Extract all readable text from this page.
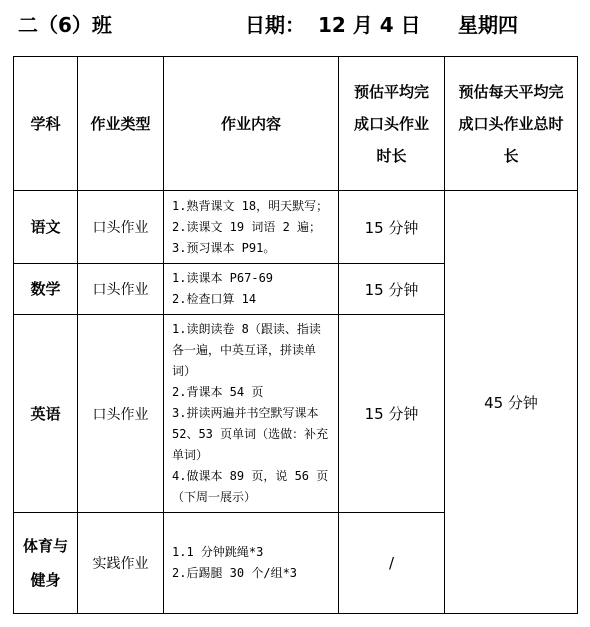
二（6）班	日期： 12 月 4 日 星期四
学科	作业类型	作业内容	预估平均完成口头作业时长	预估每天平均完成口头作业总时长
语文	口头作业	1.熟背课文 18，明天默写；
2.读课文 19 词语 2 遍；
3.预习课本 P91。	15 分钟	45 分钟
数学	口头作业	1.读课本 P67-69
2.检查口算 14	15 分钟	
英语	口头作业	1.读朗读卷 8（跟读、指读各一遍，中英互译，拼读单词）
2.背课本 54 页
3.拼读两遍并书空默写课本 52、53 页单词（选做：补充单词）
4.做课本 89 页，说 56 页（下周一展示）	15 分钟	
体育与健身	实践作业	1.1 分钟跳绳*3
2.后踢腿 30 个/组*3	/	
